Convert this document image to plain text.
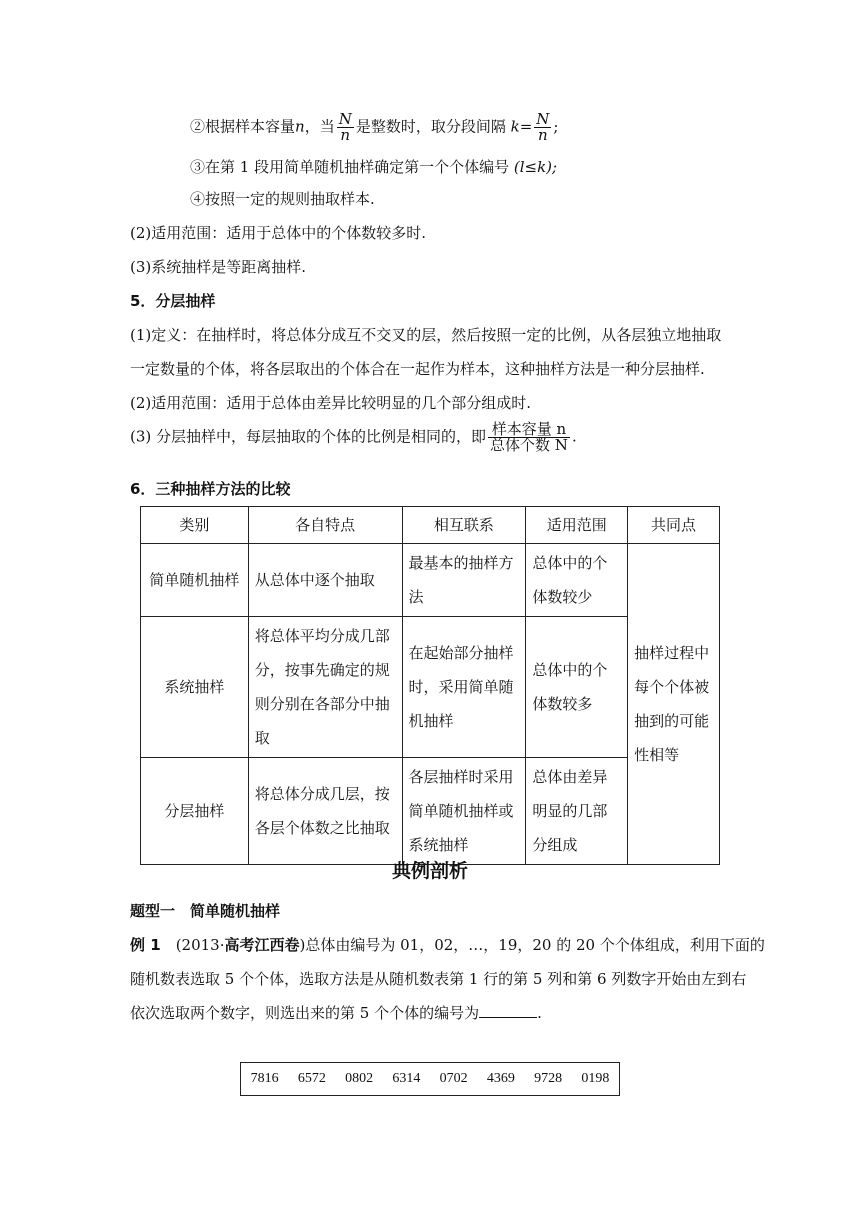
②根据样本容量n，当 $\frac{N}{n}$ 是整数时，取分段间隔 $k= \frac{N}{n}$ ;
③在第 1 段用简单随机抽样确定第一个个体编号 (l≤k);
④按照一定的规则抽取样本.
(2)适用范围：适用于总体中的个体数较多时.
(3)系统抽样是等距离抽样.
5．分层抽样
(1)定义：在抽样时，将总体分成互不交叉的层，然后按照一定的比例，从各层独立地抽取
一定数量的个体，将各层取出的个体合在一起作为样本，这种抽样方法是一种分层抽样.
(2)适用范围：适用于总体由差异比较明显的几个部分组成时.
(3) 分层抽样中，每层抽取的个体的比例是相同的，即 $\frac{\text{样本容量 n}}{\text{总体个数 N}}$ .
6．三种抽样方法的比较
类别	各自特点	相互联系	适用范围	共同点
简单随机抽样	从总体中逐个抽取	最基本的抽样方法	总体中的个体数较少	抽样过程中每个个体被抽到的可能性相等
系统抽样	将总体平均分成几部分，按事先确定的规则分别在各部分中抽取	在起始部分抽样时，采用简单随机抽样	总体中的个体数较多	
分层抽样	将总体分成几层，按各层个体数之比抽取	各层抽样时采用简单随机抽样或系统抽样	总体由差异明显的几部分组成	
典例剖析
题型一　简单随机抽样
例 1　 (2013·高考江西卷)总体由编号为 01，02，…，19，20 的 20 个个体组成，利用下面的
随机数表选取 5 个个体，选取方法是从随机数表第 1 行的第 5 列和第 6 列数字开始由左到右
依次选取两个数字，则选出来的第 5 个个体的编号为	.
7816 6572 0802 6314 0702 4369 9728 0198
